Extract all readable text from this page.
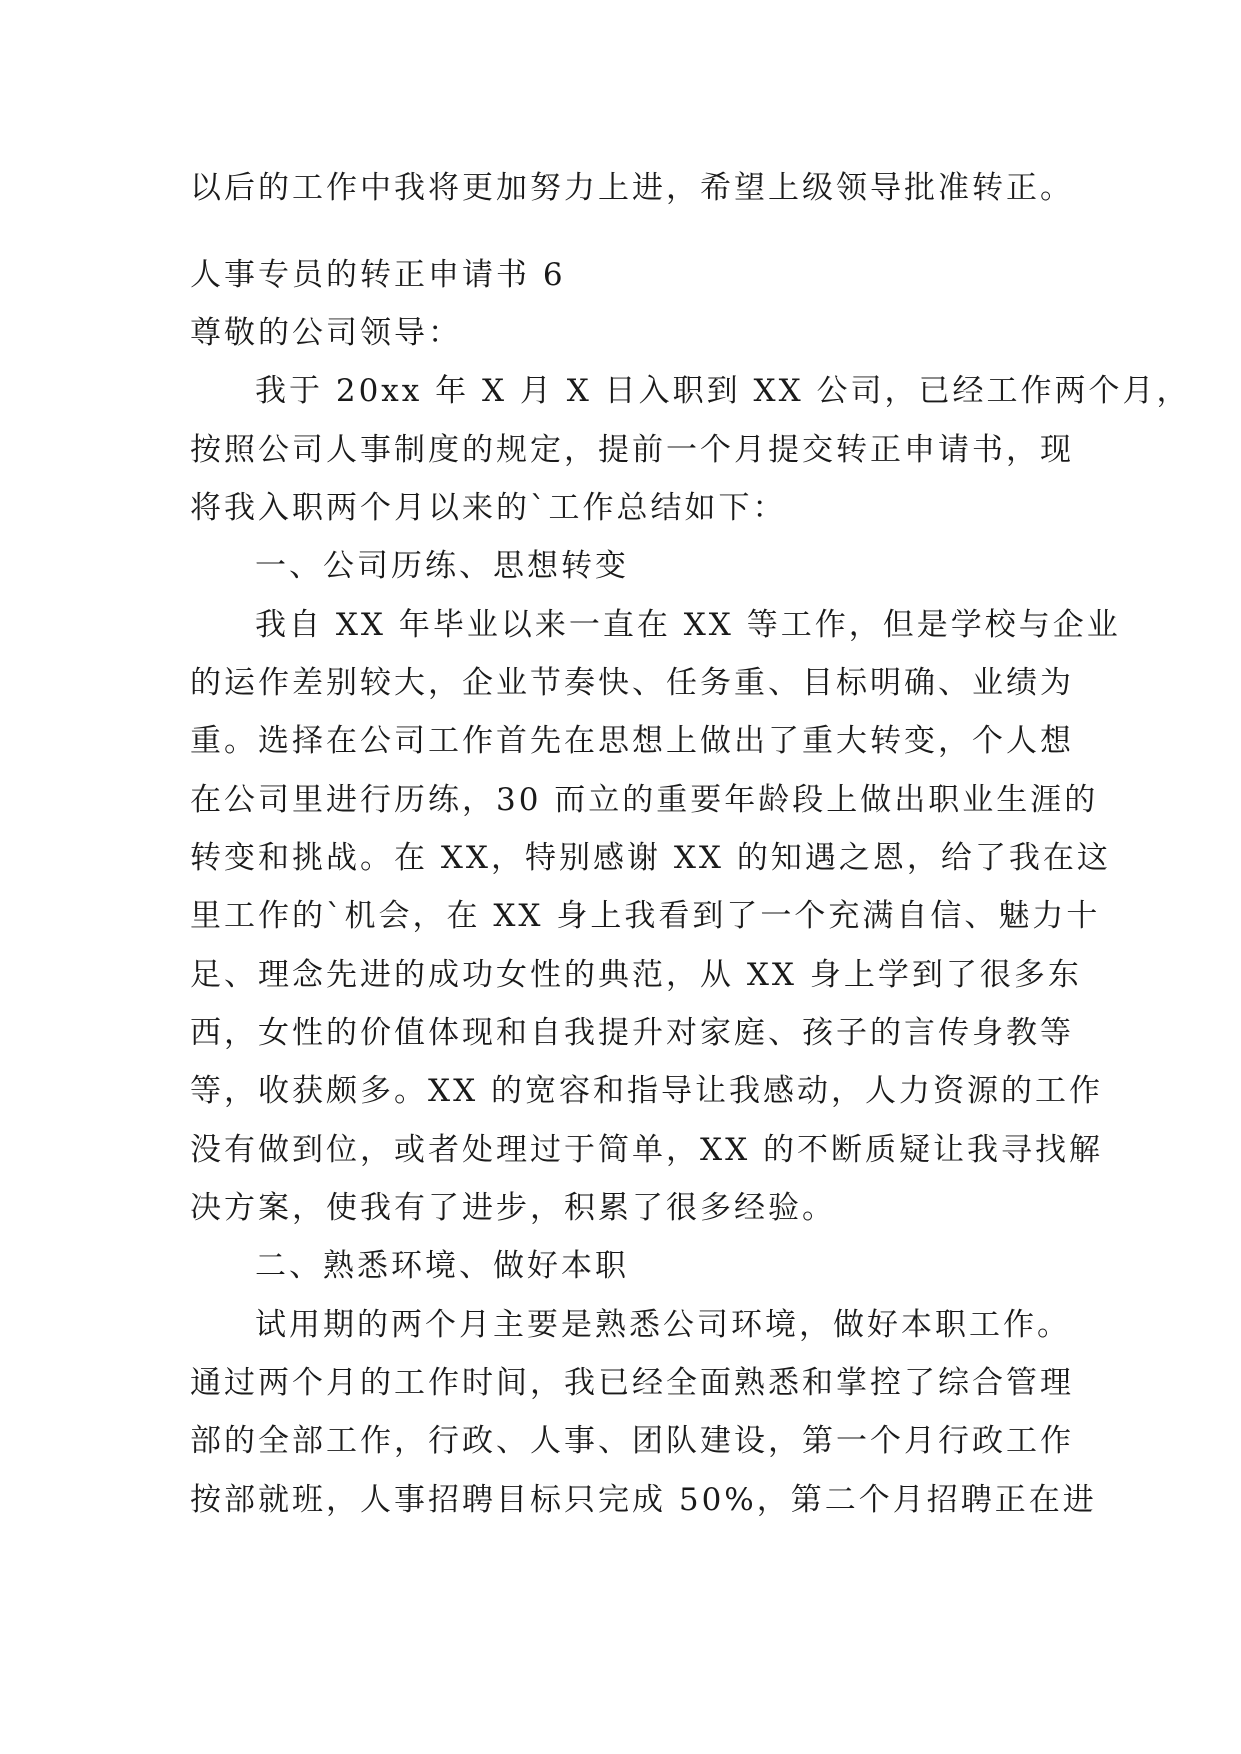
以后的工作中我将更加努力上进，希望上级领导批准转正。

人事专员的转正申请书 6

尊敬的公司领导：

我于 20xx 年 X 月 X 日入职到 XX 公司，已经工作两个月，

按照公司人事制度的规定，提前一个月提交转正申请书，现

将我入职两个月以来的`工作总结如下：

一、公司历练、思想转变

我自 XX 年毕业以来一直在 XX 等工作，但是学校与企业

的运作差别较大，企业节奏快、任务重、目标明确、业绩为

重。选择在公司工作首先在思想上做出了重大转变，个人想

在公司里进行历练，30 而立的重要年龄段上做出职业生涯的

转变和挑战。在 XX，特别感谢 XX 的知遇之恩，给了我在这

里工作的`机会，在 XX 身上我看到了一个充满自信、魅力十

足、理念先进的成功女性的典范，从 XX 身上学到了很多东

西，女性的价值体现和自我提升对家庭、孩子的言传身教等

等，收获颇多。XX 的宽容和指导让我感动，人力资源的工作

没有做到位，或者处理过于简单，XX 的不断质疑让我寻找解

决方案，使我有了进步，积累了很多经验。

二、熟悉环境、做好本职

试用期的两个月主要是熟悉公司环境，做好本职工作。

通过两个月的工作时间，我已经全面熟悉和掌控了综合管理

部的全部工作，行政、人事、团队建设，第一个月行政工作

按部就班，人事招聘目标只完成 50%，第二个月招聘正在进
